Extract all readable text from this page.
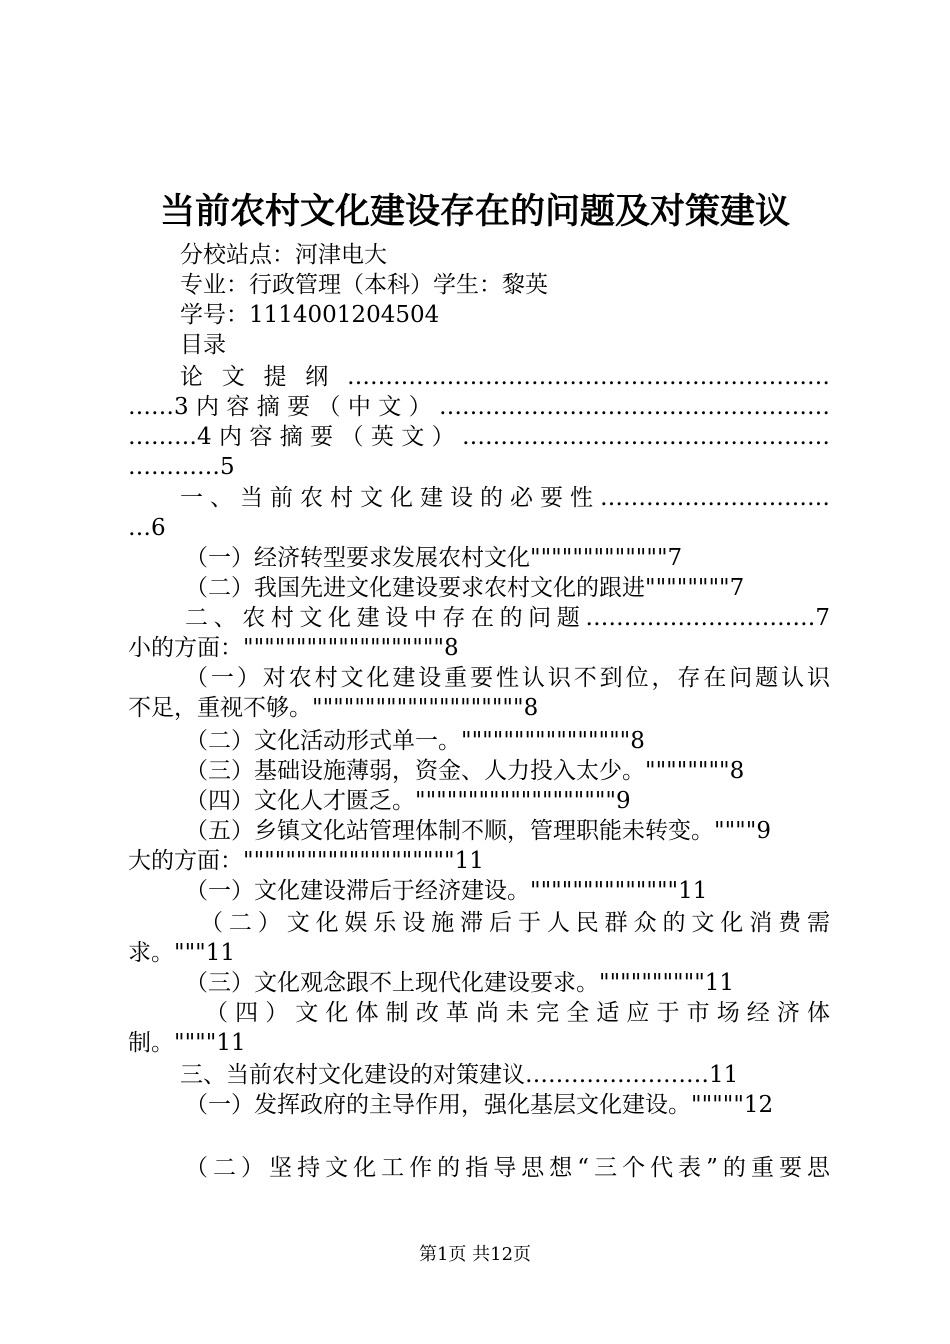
当前农村文化建设存在的问题及对策建议
分校站点：河津电大
专业：行政管理（本科）学生：黎英
学号：1114001204504
目录
论文提纲………………………………………………………
……3内容摘要（中文）……………………………………………
………4内容摘要（英文）…………………………………………
…………5
一、当前农村文化建设的必要性…………………………
…6
（一）经济转型要求发展农村文化"""""""""""""7
（二）我国先进文化建设要求农村文化的跟进""""""""7
二、农村文化建设中存在的问题…………………………7
小的方面："""""""""""""""""""8
（一）对农村文化建设重要性认识不到位，存在问题认识
不足，重视不够。""""""""""""""""""""8
（二）文化活动形式单一。""""""""""""""""8
（三）基础设施薄弱，资金、人力投入太少。""""""""8
（四）文化人才匮乏。"""""""""""""""""""9
（五）乡镇文化站管理体制不顺，管理职能未转变。""""9
大的方面：""""""""""""""""""""11
（一）文化建设滞后于经济建设。""""""""""""""11
（二）文化娱乐设施滞后于人民群众的文化消费需
求。"""11
（三）文化观念跟不上现代化建设要求。""""""""""11
（四）文化体制改革尚未完全适应于市场经济体
制。""""11
三、当前农村文化建设的对策建议……………………11
（一）发挥政府的主导作用，强化基层文化建设。"""""12
（二）坚持文化工作的指导思想“三个代表”的重要思
第1页 共12页
